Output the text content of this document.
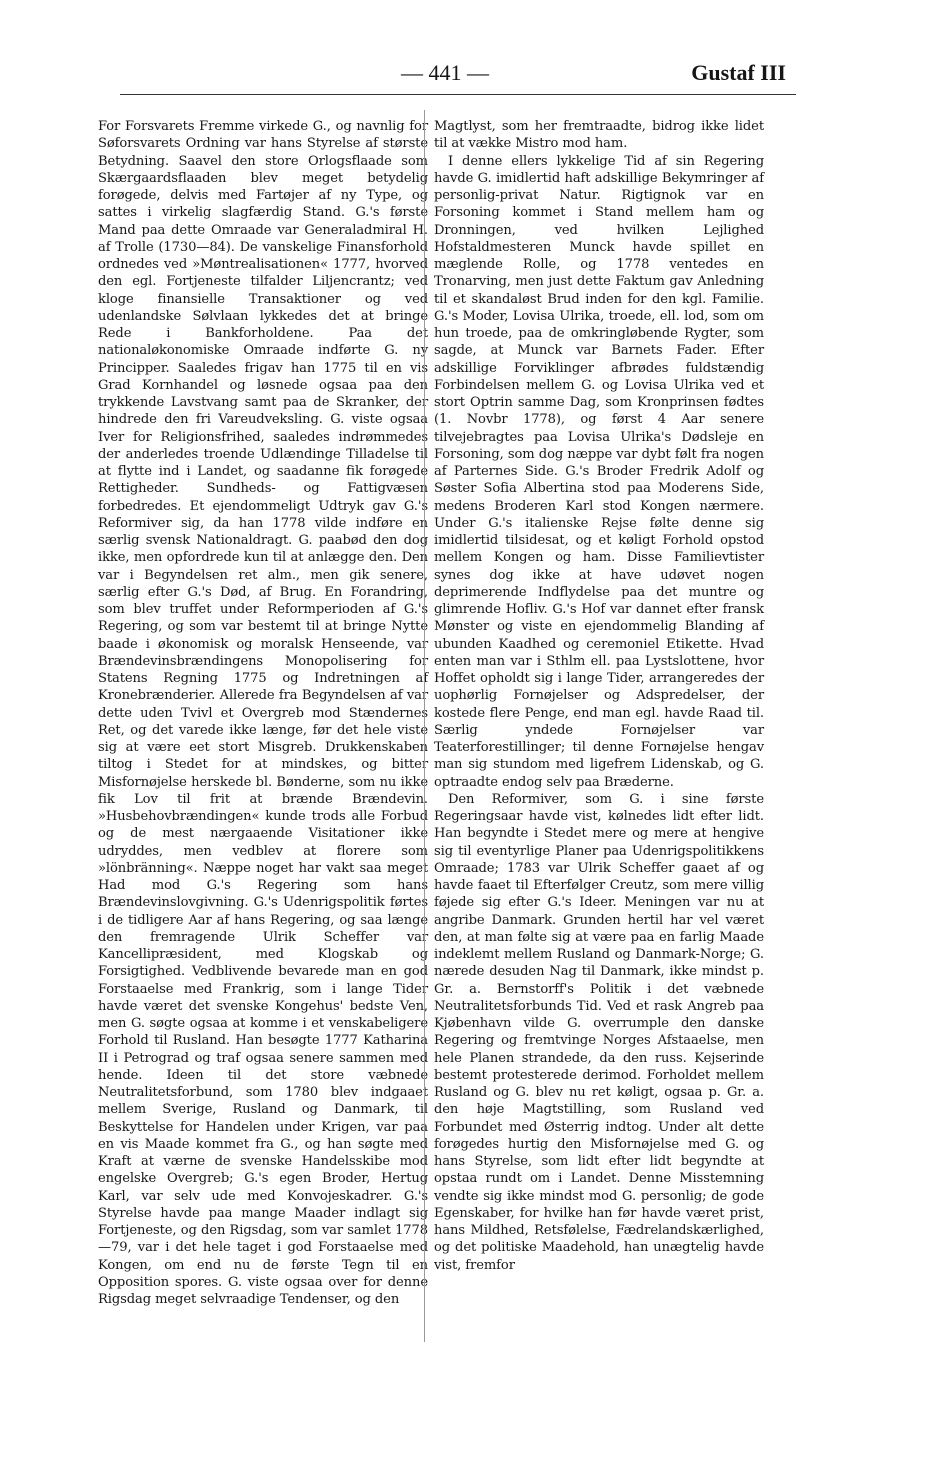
— 441 —	Gustaf III

For Forsvarets Fremme virkede G., og navnlig for Søforsvarets Ordning var hans Styrelse af største Betydning. Saavel den store Orlogsflaade som Skærgaardsflaaden blev meget betydelig forøgede, delvis med Fartøjer af ny Type, og sattes i virkelig slagfærdig Stand. G.'s første Mand paa dette Omraade var Generaladmiral H. af Trolle (1730—84). De vanskelige Finansforhold ordnedes ved »Møntrealisationen« 1777, hvorved den egl. Fortjeneste tilfalder Liljencrantz; ved kloge finansielle Transaktioner og ved udenlandske Sølvlaan lykkedes det at bringe Rede i Bankforholdene. Paa det nationaløkonomiske Omraade indførte G. ny Principper. Saaledes frigav han 1775 til en vis Grad Kornhandel og løsnede ogsaa paa den trykkende Lavstvang samt paa de Skranker, der hindrede den fri Vareudveksling. G. viste ogsaa Iver for Religionsfrihed, saaledes indrømmedes der anderledes troende Udlændinge Tilladelse til at flytte ind i Landet, og saadanne fik forøgede Rettigheder. Sundheds- og Fattigvæsen forbedredes. Et ejendommeligt Udtryk gav G.'s Reformiver sig, da han 1778 vilde indføre en særlig svensk Nationaldragt. G. paabød den dog ikke, men opfordrede kun til at anlægge den. Den var i Begyndelsen ret alm., men gik senere, særlig efter G.'s Død, af Brug. En Forandring, som blev truffet under Reformperioden af G.'s Regering, og som var bestemt til at bringe Nytte baade i økonomisk og moralsk Henseende, var Brændevinsbrændingens Monopolisering for Statens Regning 1775 og Indretningen af Kronebrænderier. Allerede fra Begyndelsen af var dette uden Tvivl et Overgreb mod Stændernes Ret, og det varede ikke længe, før det hele viste sig at være eet stort Misgreb. Drukkenskaben tiltog i Stedet for at mindskes, og bitter Misfornøjelse herskede bl. Bønderne, som nu ikke fik Lov til frit at brænde Brændevin. »Husbehovbrændingen« kunde trods alle Forbud og de mest nærgaaende Visitationer ikke udryddes, men vedblev at florere som »lönbränning«. Næppe noget har vakt saa meget Had mod G.'s Regering som hans Brændevinslovgivning. G.'s Udenrigspolitik førtes i de tidligere Aar af hans Regering, og saa længe den fremragende Ulrik Scheffer var Kancellipræsident, med Klogskab og Forsigtighed. Vedblivende bevarede man en god Forstaaelse med Frankrig, som i lange Tider havde været det svenske Kongehus' bedste Ven, men G. søgte ogsaa at komme i et venskabeligere Forhold til Rusland. Han besøgte 1777 Katharina II i Petrograd og traf ogsaa senere sammen med hende. Ideen til det store væbnede Neutralitetsforbund, som 1780 blev indgaaet mellem Sverige, Rusland og Danmark, til Beskyttelse for Handelen under Krigen, var paa en vis Maade kommet fra G., og han søgte med Kraft at værne de svenske Handelsskibe mod engelske Overgreb; G.'s egen Broder, Hertug Karl, var selv ude med Konvojeskadrer. G.'s Styrelse havde paa mange Maader indlagt sig Fortjeneste, og den Rigsdag, som var samlet 1778—79, var i det hele taget i god Forstaaelse med Kongen, om end nu de første Tegn til en Opposition spores. G. viste ogsaa over for denne Rigsdag meget selvraadige Tendenser, og den

Magtlyst, som her fremtraadte, bidrog ikke lidet til at vække Mistro mod ham.

I denne ellers lykkelige Tid af sin Regering havde G. imidlertid haft adskillige Bekymringer af personlig-privat Natur. Rigtignok var en Forsoning kommet i Stand mellem ham og Dronningen, ved hvilken Lejlighed Hofstaldmesteren Munck havde spillet en mæglende Rolle, og 1778 ventedes en Tronarving, men just dette Faktum gav Anledning til et skandaløst Brud inden for den kgl. Familie. G.'s Moder, Lovisa Ulrika, troede, ell. lod, som om hun troede, paa de omkringløbende Rygter, som sagde, at Munck var Barnets Fader. Efter adskillige Forviklinger afbrødes fuldstændig Forbindelsen mellem G. og Lovisa Ulrika ved et stort Optrin samme Dag, som Kronprinsen fødtes (1. Novbr 1778), og først 4 Aar senere tilvejebragtes paa Lovisa Ulrika's Dødsleje en Forsoning, som dog næppe var dybt følt fra nogen af Parternes Side. G.'s Broder Fredrik Adolf og Søster Sofia Albertina stod paa Moderens Side, medens Broderen Karl stod Kongen nærmere. Under G.'s italienske Rejse følte denne sig imidlertid tilsidesat, og et køligt Forhold opstod mellem Kongen og ham. Disse Familievtister synes dog ikke at have udøvet nogen deprimerende Indflydelse paa det muntre og glimrende Hofliv. G.'s Hof var dannet efter fransk Mønster og viste en ejendommelig Blanding af ubunden Kaadhed og ceremoniel Etikette. Hvad enten man var i Sthlm ell. paa Lystslottene, hvor Hoffet opholdt sig i lange Tider, arrangeredes der uophørlig Fornøjelser og Adspredelser, der kostede flere Penge, end man egl. havde Raad til. Særlig yndede Fornøjelser var Teaterforestillinger; til denne Fornøjelse hengav man sig stundom med ligefrem Lidenskab, og G. optraadte endog selv paa Bræderne.

Den Reformiver, som G. i sine første Regeringsaar havde vist, kølnedes lidt efter lidt. Han begyndte i Stedet mere og mere at hengive sig til eventyrlige Planer paa Udenrigspolitikkens Omraade; 1783 var Ulrik Scheffer gaaet af og havde faaet til Efterfølger Creutz, som mere villig føjede sig efter G.'s Ideer. Meningen var nu at angribe Danmark. Grunden hertil har vel været den, at man følte sig at være paa en farlig Maade indeklemt mellem Rusland og Danmark-Norge; G. nærede desuden Nag til Danmark, ikke mindst p. Gr. a. Bernstorff's Politik i det væbnede Neutralitetsforbunds Tid. Ved et rask Angreb paa Kjøbenhavn vilde G. overrumple den danske Regering og fremtvinge Norges Afstaaelse, men hele Planen strandede, da den russ. Kejserinde bestemt protesterede derimod. Forholdet mellem Rusland og G. blev nu ret køligt, ogsaa p. Gr. a. den høje Magtstilling, som Rusland ved Forbundet med Østerrig indtog. Under alt dette forøgedes hurtig den Misfornøjelse med G. og hans Styrelse, som lidt efter lidt begyndte at opstaa rundt om i Landet. Denne Misstemning vendte sig ikke mindst mod G. personlig; de gode Egenskaber, for hvilke han før havde været prist, hans Mildhed, Retsfølelse, Fædrelandskærlighed, og det politiske Maadehold, han unægtelig havde vist, fremfor
